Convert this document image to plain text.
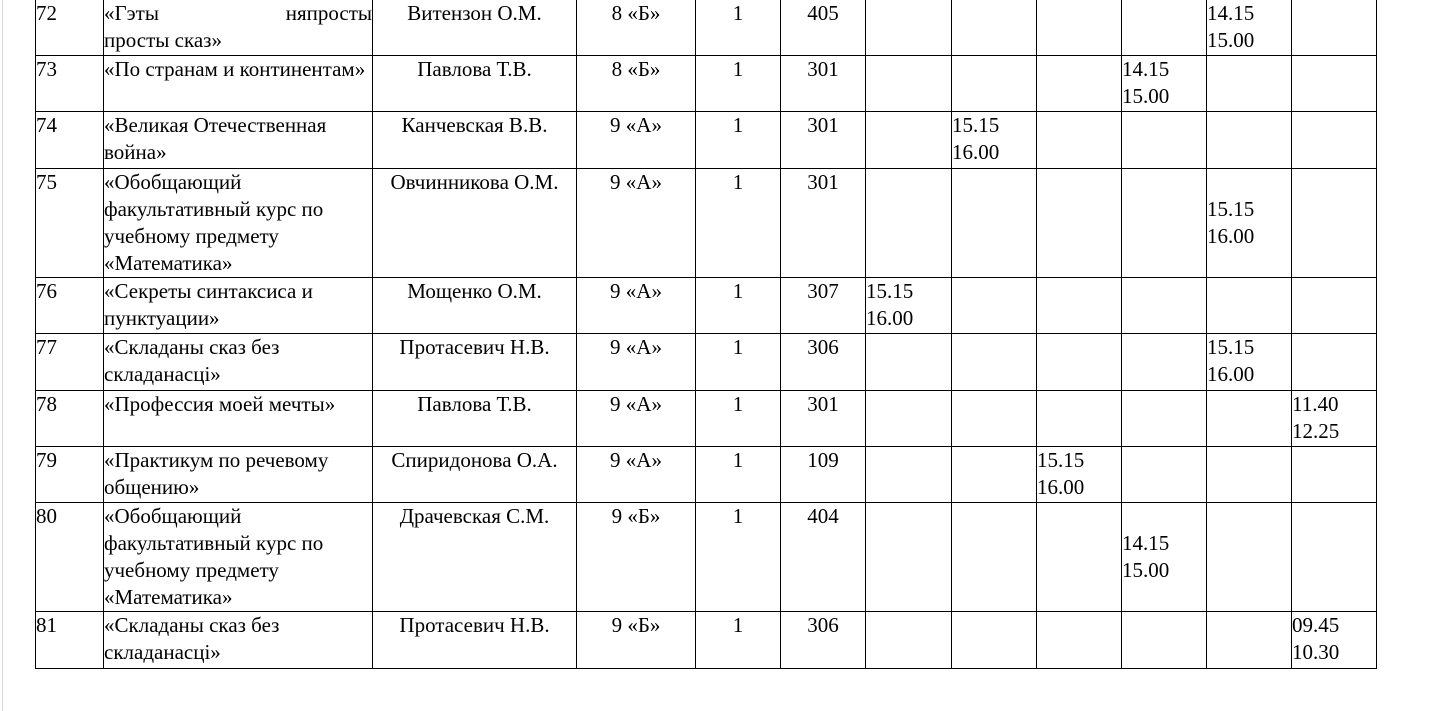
72	«Гэты няпросты
просты сказ»	Витензон О.М.	8 «Б»	1	405					14.15
15.00	

73	«По странам и континентам»	Павлова Т.В.	8 «Б»	1	301				14.15
15.00		

74	«Великая Отечественная война»	Канчевская В.В.	9 «А»	1	301		15.15
16.00				

75	«Обобщающий факультативный курс по учебному предмету «Математика»	Овчинникова О.М.	9 «А»	1	301					15.15
16.00	

76	«Секреты синтаксиса и пунктуации»	Мощенко О.М.	9 «А»	1	307	15.15
16.00					

77	«Складаны сказ без складанасці»	Протасевич Н.В.	9 «А»	1	306					15.15
16.00	

78	«Профессия моей мечты»	Павлова Т.В.	9 «А»	1	301						11.40
12.25

79	«Практикум по речевому общению»	Спиридонова О.А.	9 «А»	1	109			15.15
16.00			

80	«Обобщающий факультативный курс по учебному предмету «Математика»	Драчевская С.М.	9 «Б»	1	404				14.15
15.00		

81	«Складаны сказ без складанасці»	Протасевич Н.В.	9 «Б»	1	306						09.45
10.30
